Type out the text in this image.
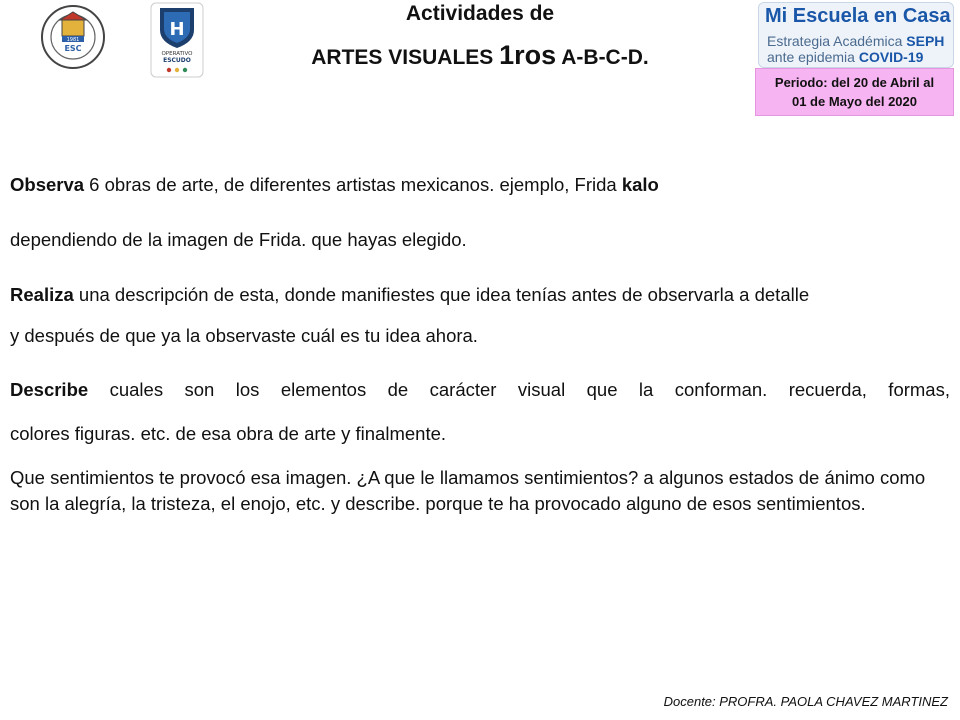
1981
ESC
H
OPERATIVO
ESCUDO
Actividades de
ARTES VISUALES 1ros A-B-C-D.
Mi Escuela en Casa
Estrategia Académica SEPH
ante epidemia COVID-19
Periodo: del 20 de Abril al
01 de Mayo del 2020
Observa 6 obras de arte, de diferentes artistas mexicanos. ejemplo, Frida kalo
dependiendo de la imagen de Frida. que hayas elegido.
Realiza una descripción de esta, donde manifiestes que idea tenías antes de observarla a detalle
y después de que ya la observaste cuál es tu idea ahora.
Describe cuales son los elementos de carácter visual que la conforman. recuerda, formas,
colores figuras. etc. de esa obra de arte y finalmente.
Que sentimientos te provocó esa imagen. ¿A que le llamamos sentimientos? a algunos estados de ánimo como son la alegría, la tristeza, el enojo, etc. y describe. porque te ha provocado alguno de esos sentimientos.
Docente: PROFRA. PAOLA CHAVEZ MARTINEZ
